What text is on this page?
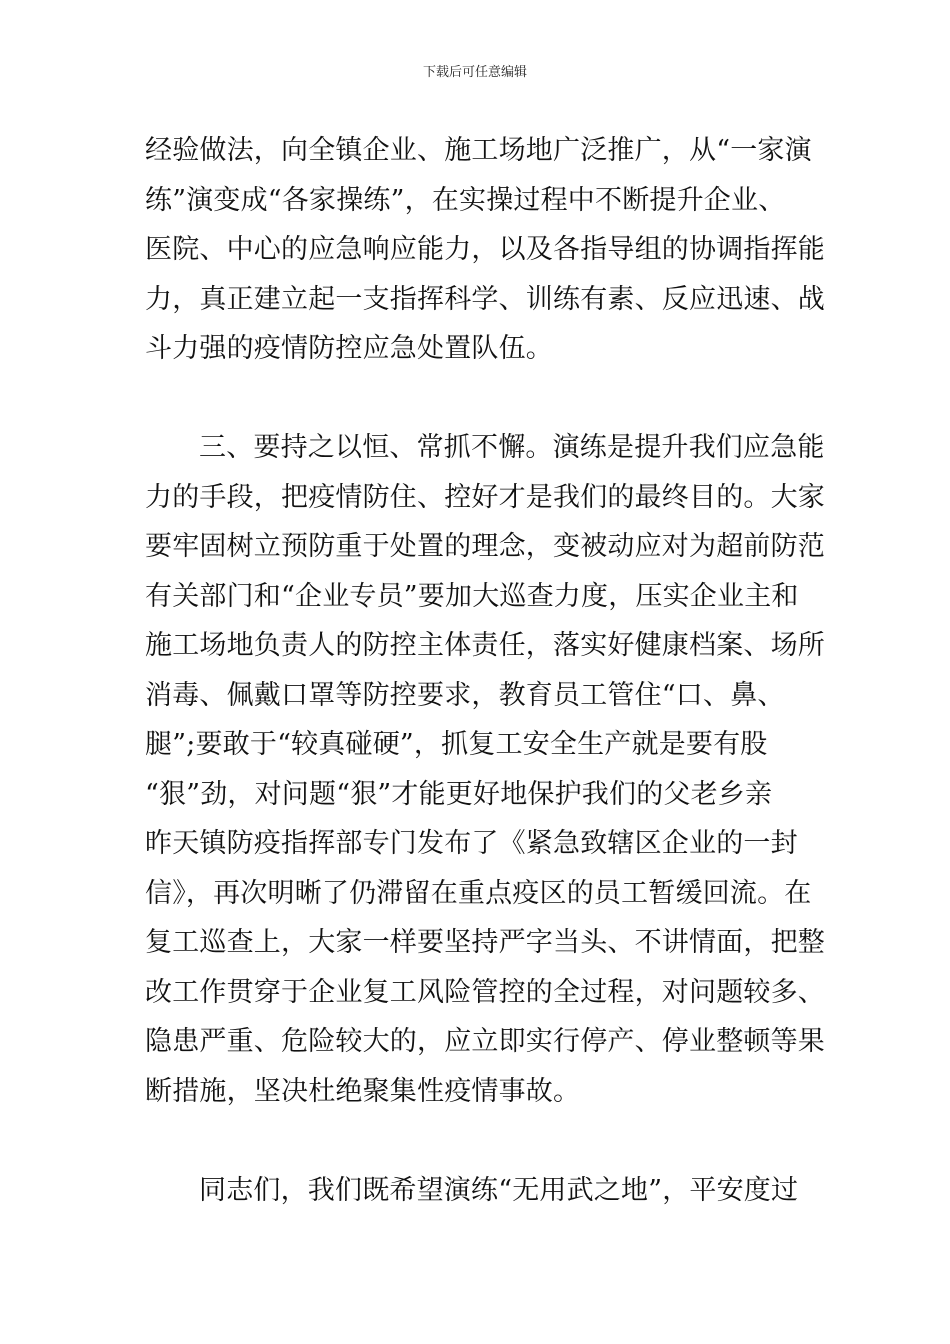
下载后可任意编辑
经验做法，向全镇企业、施工场地广泛推广，从“一家演
练”演变成“各家操练”，在实操过程中不断提升企业、
医院、中心的应急响应能力，以及各指导组的协调指挥能
力，真正建立起一支指挥科学、训练有素、反应迅速、战
斗力强的疫情防控应急处置队伍。
三、要持之以恒、常抓不懈。演练是提升我们应急能
力的手段，把疫情防住、控好才是我们的最终目的。大家
要牢固树立预防重于处置的理念，变被动应对为超前防范
有关部门和“企业专员”要加大巡查力度，压实企业主和
施工场地负责人的防控主体责任，落实好健康档案、场所
消毒、佩戴口罩等防控要求，教育员工管住“口、鼻、
腿”;要敢于“较真碰硬”，抓复工安全生产就是要有股
“狠”劲，对问题“狠”才能更好地保护我们的父老乡亲
昨天镇防疫指挥部专门发布了《紧急致辖区企业的一封
信》，再次明晰了仍滞留在重点疫区的员工暂缓回流。在
复工巡查上，大家一样要坚持严字当头、不讲情面，把整
改工作贯穿于企业复工风险管控的全过程，对问题较多、
隐患严重、危险较大的，应立即实行停产、停业整顿等果
断措施，坚决杜绝聚集性疫情事故。
同志们，我们既希望演练“无用武之地”，平安度过
